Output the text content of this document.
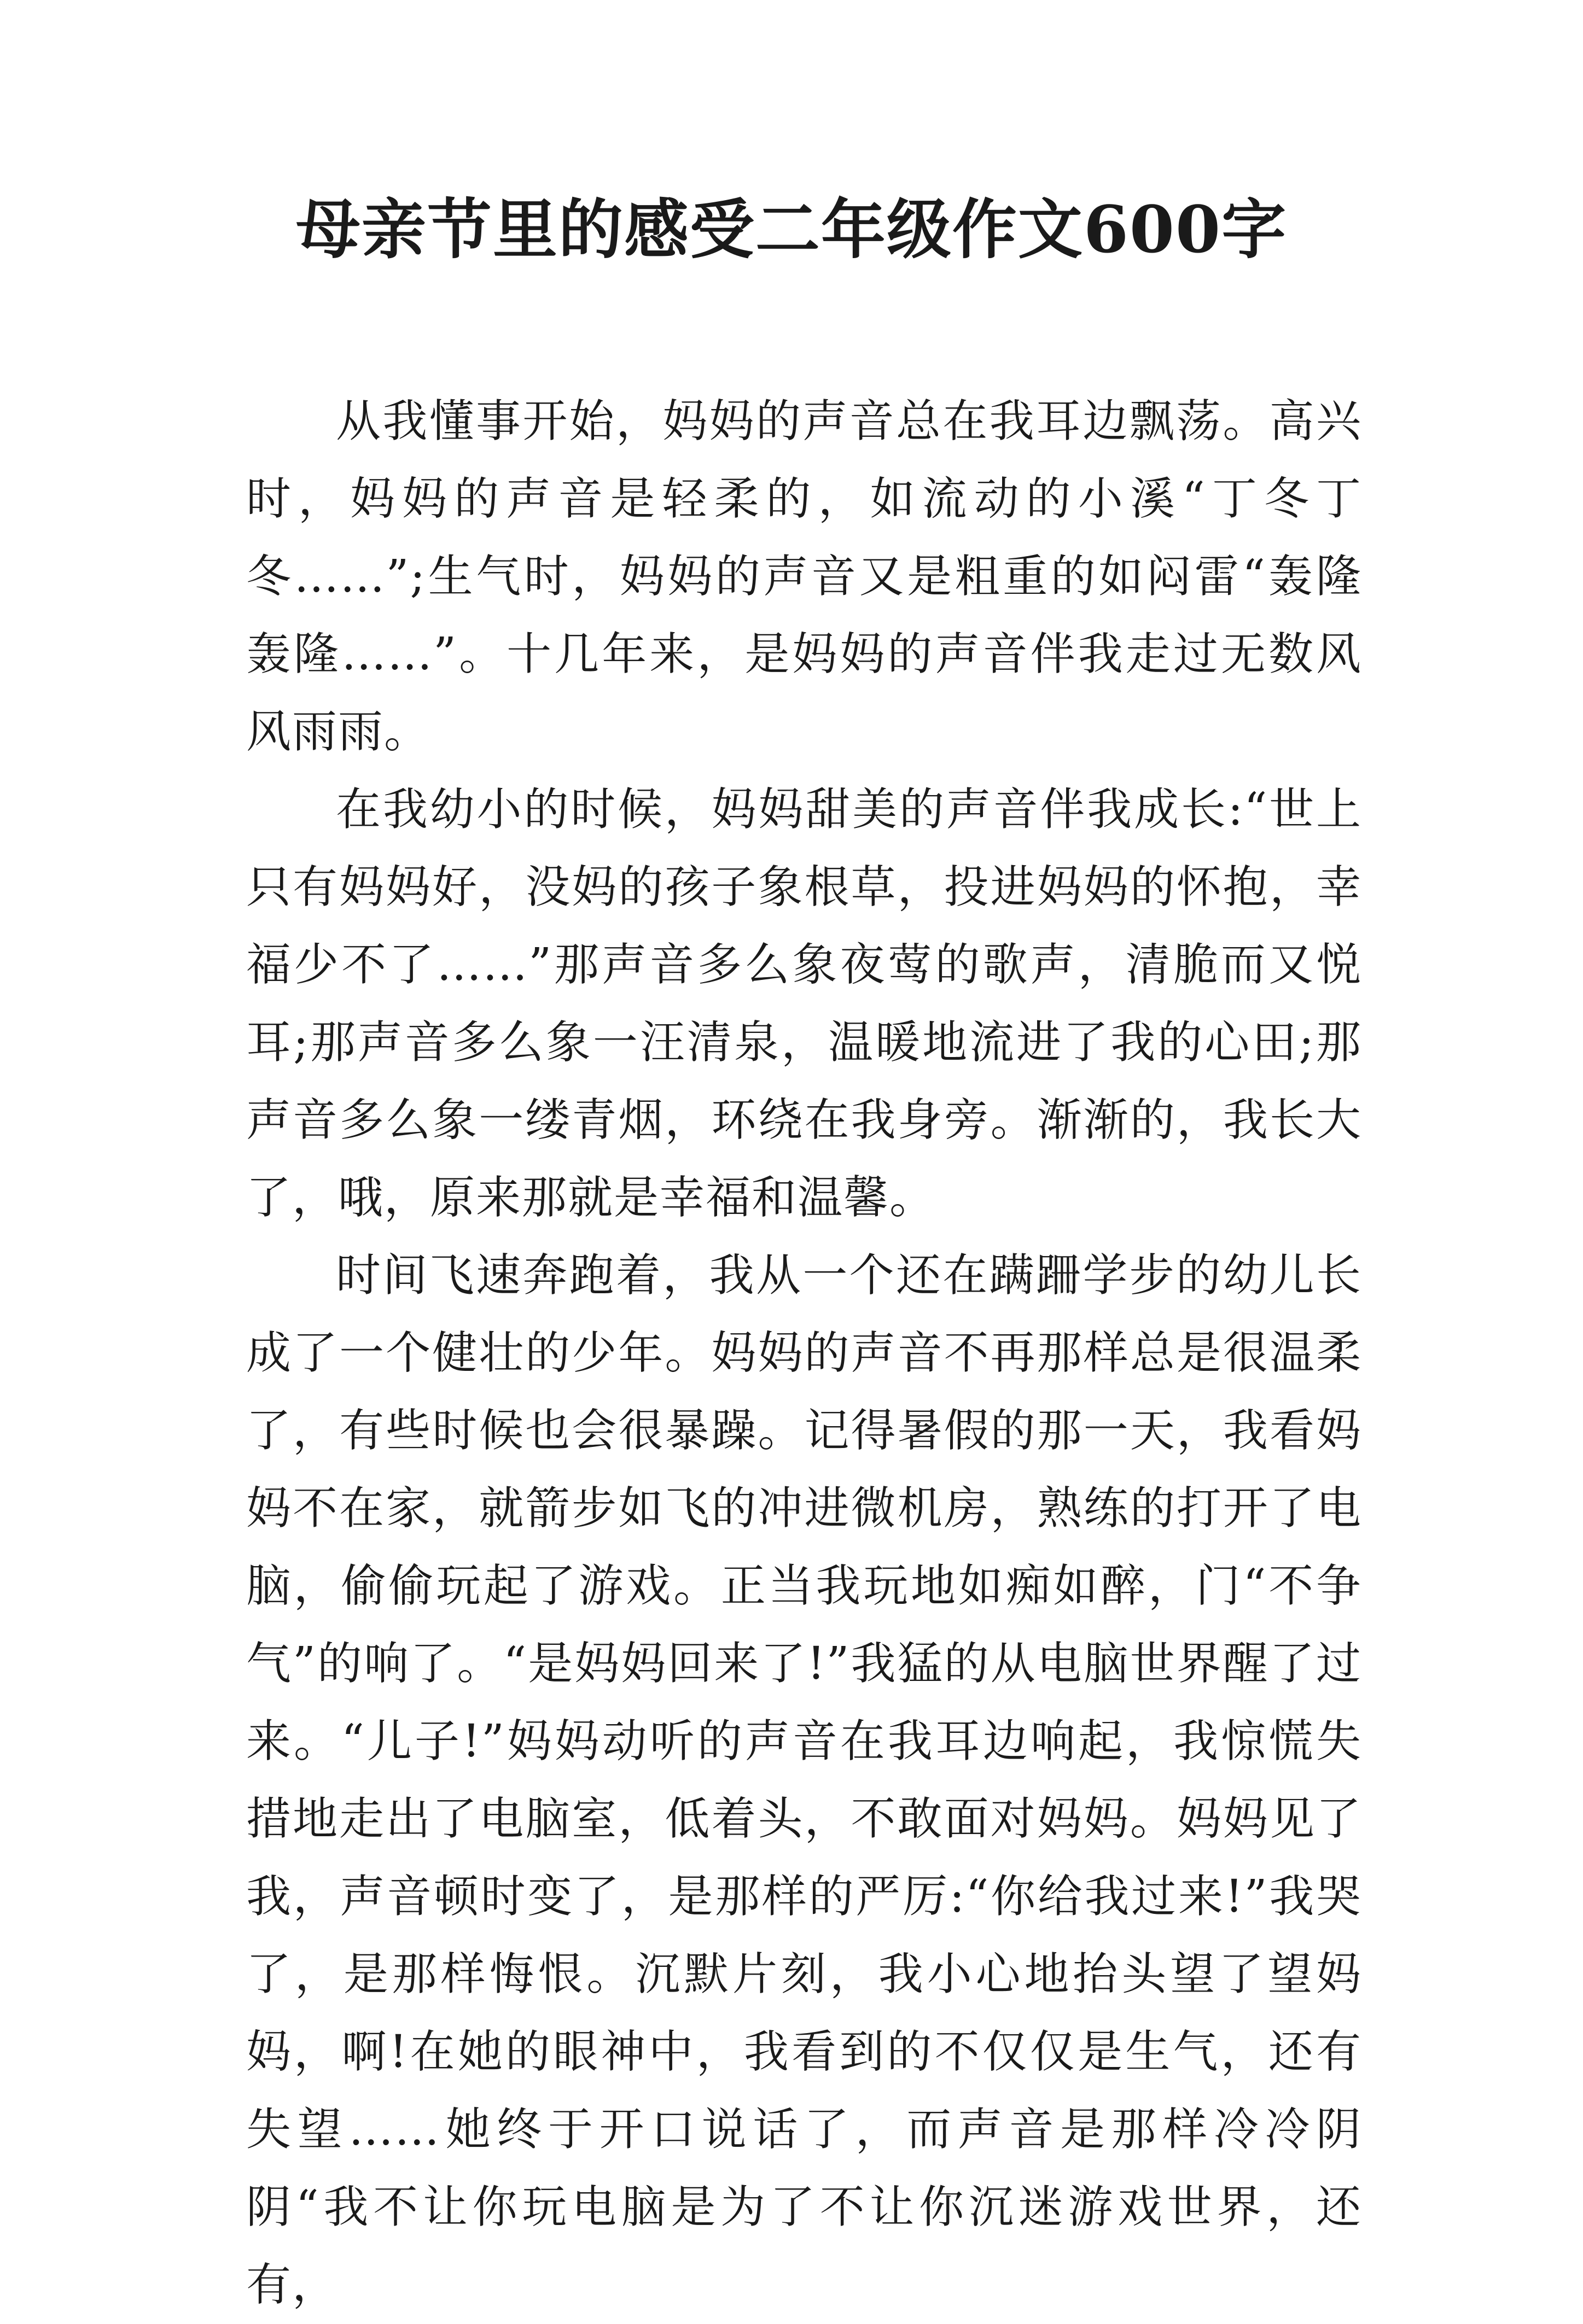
母亲节里的感受二年级作文600字

从我懂事开始，妈妈的声音总在我耳边飘荡。高兴时，妈妈的声音是轻柔的，如流动的小溪“丁冬丁冬……”;生气时，妈妈的声音又是粗重的如闷雷“轰隆轰隆……”。十几年来，是妈妈的声音伴我走过无数风风雨雨。

在我幼小的时候，妈妈甜美的声音伴我成长:“世上只有妈妈好，没妈的孩子象根草，投进妈妈的怀抱，幸福少不了……”那声音多么象夜莺的歌声，清脆而又悦耳;那声音多么象一汪清泉，温暖地流进了我的心田;那声音多么象一缕青烟，环绕在我身旁。渐渐的，我长大了，哦，原来那就是幸福和温馨。

时间飞速奔跑着，我从一个还在蹒跚学步的幼儿长成了一个健壮的少年。妈妈的声音不再那样总是很温柔了，有些时候也会很暴躁。记得暑假的那一天，我看妈妈不在家，就箭步如飞的冲进微机房，熟练的打开了电脑，偷偷玩起了游戏。正当我玩地如痴如醉，门“不争气”的响了。“是妈妈回来了!”我猛的从电脑世界醒了过来。“儿子!”妈妈动听的声音在我耳边响起，我惊慌失措地走出了电脑室，低着头，不敢面对妈妈。妈妈见了我，声音顿时变了，是那样的严厉:“你给我过来!”我哭了，是那样悔恨。沉默片刻，我小心地抬头望了望妈妈，啊!在她的眼神中，我看到的不仅仅是生气，还有失望……她终于开口说话了，而声音是那样冷冷阴阴“我不让你玩电脑是为了不让你沉迷游戏世界，还有，
